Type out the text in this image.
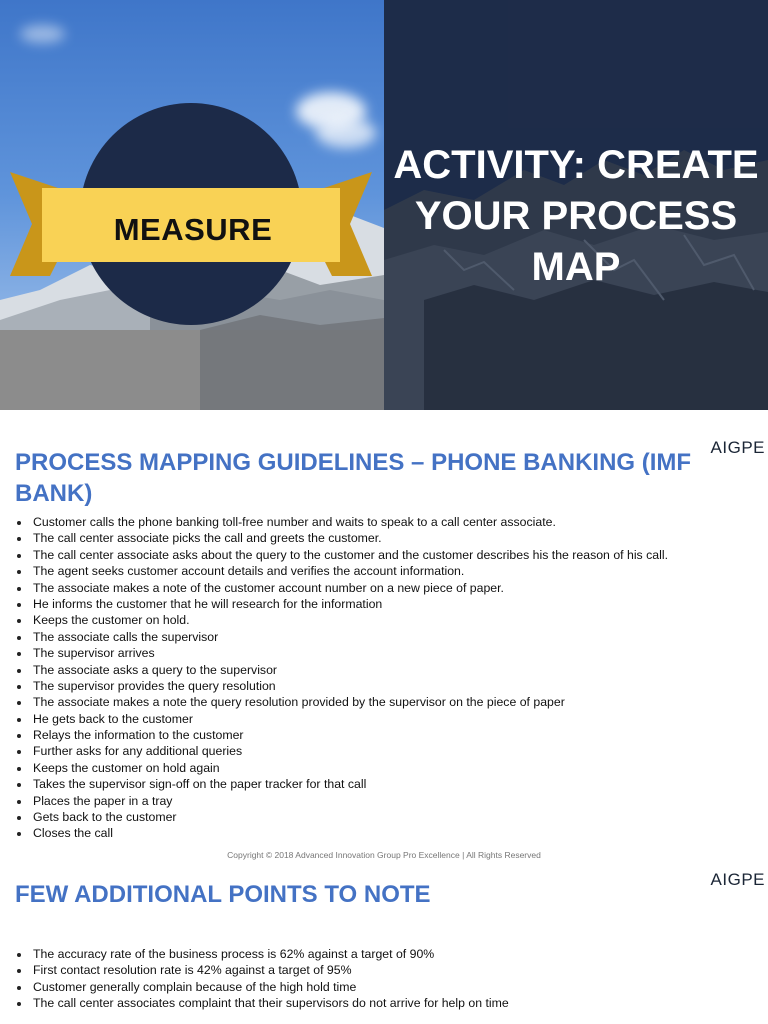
MEASURE
ACTIVITY: CREATE
YOUR PROCESS
MAP
AIGPE
PROCESS MAPPING GUIDELINES – PHONE BANKING (IMF BANK)
Customer calls the phone banking toll-free number and waits to speak to a call center associate.
The call center associate picks the call and greets the customer.
The call center associate asks about the query to the customer and the customer describes his the reason of his call.
The agent seeks customer account details and verifies the account information.
The associate makes a note of the customer account number on a new piece of paper.
He informs the customer that he will research for the information
Keeps the customer on hold.
The associate calls the supervisor
The supervisor arrives
The associate asks a query to the supervisor
The supervisor provides the query resolution
The associate makes a note the query resolution provided by the supervisor on the piece of paper
He gets back to the customer
Relays the information to the customer
Further asks for any additional queries
Keeps the customer on hold again
Takes the supervisor sign-off on the paper tracker for that call
Places the paper in a tray
Gets back to the customer
Closes the call
Copyright © 2018 Advanced Innovation Group Pro Excellence | All Rights Reserved
AIGPE
FEW ADDITIONAL POINTS TO NOTE
The accuracy rate of the business process is 62% against a target of 90%
First contact resolution rate is 42% against a target of 95%
Customer generally complain because of the high hold time
The call center associates complaint that their supervisors do not arrive for help on time
